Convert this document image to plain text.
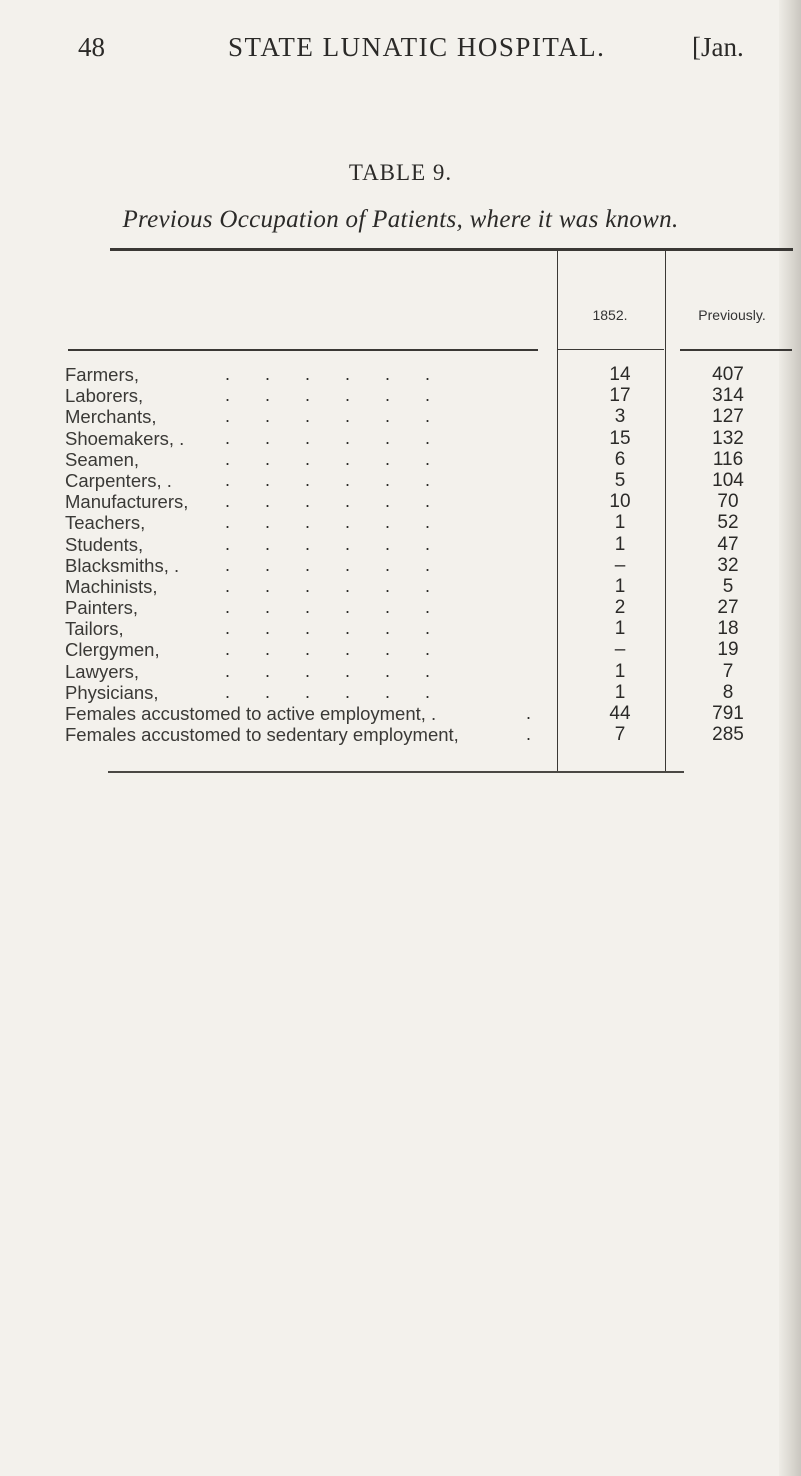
48	STATE LUNATIC HOSPITAL.	[Jan.
TABLE 9.
Previous Occupation of Patients, where it was known.
1852.	Previously.
Farmers,	.       .       .       .       .       .	14	407
Laborers,	.       .       .       .       .       .	17	314
Merchants, .       .       .       .       .       .	3	127
Shoemakers, . .       .       .       .       .       .	15	132
Seamen,	.       .       .       .       .       .	6	116
Carpenters, . .       .       .       .       .       .	5	104
Manufacturers, .       .       .       .       .       .	10	70
Teachers,	.       .       .       .       .       .	1	52
Students,	.       .       .       .       .       .	1	47
Blacksmiths, . .       .       .       .       .       .	–	32
Machinists, .       .       .       .       .       .	1	5
Painters,	.       .       .       .       .       .	2	27
Tailors,	.       .       .       .       .       .	1	18
Clergymen, .       .       .       .       .       .	–	19
Lawyers,	.       .       .       .       .       .	1	7
Physicians, .       .       .       .       .       .	1	8
Females accustomed to active employment, .	.	44	791
Females accustomed to sedentary employment,	.	7	285
